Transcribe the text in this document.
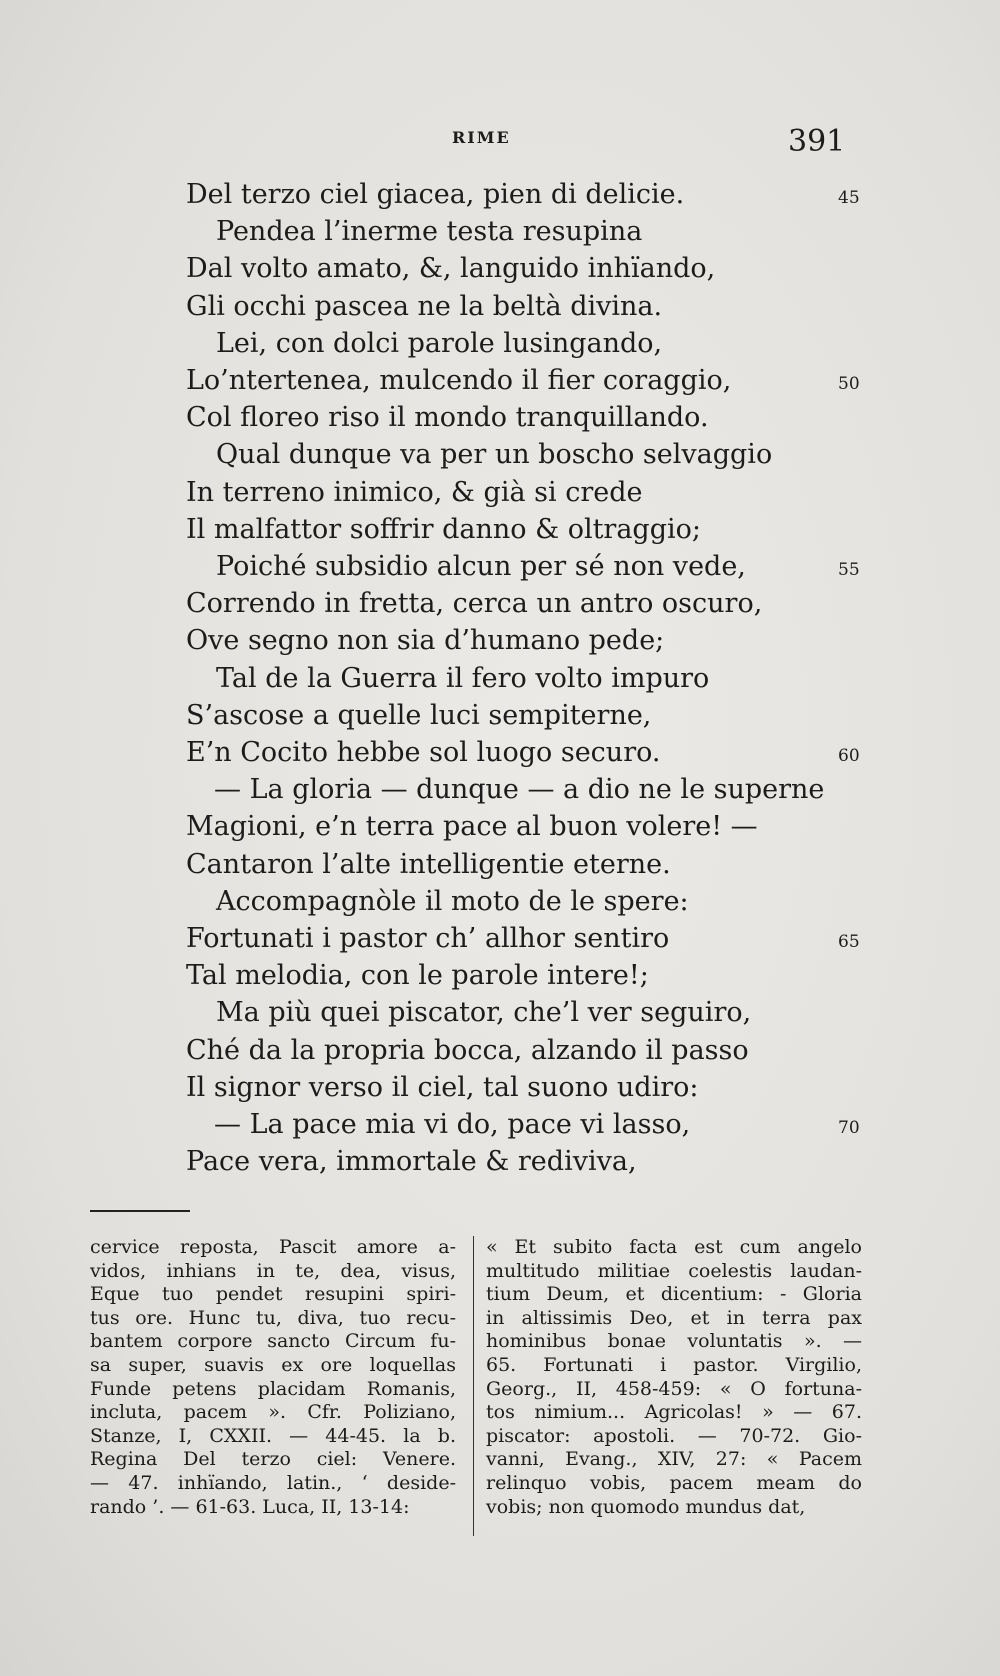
RIME	391
Del terzo ciel giacea, pien di delicie.	45
Pendea l’inerme testa resupina
Dal volto amato, &, languido inhïando,
Gli occhi pascea ne la beltà divina.
Lei, con dolci parole lusingando,
Lo’ntertenea, mulcendo il fier coraggio,	50
Col floreo riso il mondo tranquillando.
Qual dunque va per un boscho selvaggio
In terreno inimico, & già si crede
Il malfattor soffrir danno & oltraggio;
Poiché subsidio alcun per sé non vede,	55
Correndo in fretta, cerca un antro oscuro,
Ove segno non sia d’humano pede;
Tal de la Guerra il fero volto impuro
S’ascose a quelle luci sempiterne,
E’n Cocito hebbe sol luogo securo.	60
— La gloria — dunque — a dio ne le superne
Magioni, e’n terra pace al buon volere! —
Cantaron l’alte intelligentie eterne.
Accompagnòle il moto de le spere:
Fortunati i pastor ch’ allhor sentiro	65
Tal melodia, con le parole intere!;
Ma più quei piscator, che’l ver seguiro,
Ché da la propria bocca, alzando il passo
Il signor verso il ciel, tal suono udiro:
— La pace mia vi do, pace vi lasso,	70
Pace vera, immortale & rediviva,
cervice reposta, Pascit amore a-
vidos, inhians in te, dea, visus,
Eque tuo pendet resupini spiri-
tus ore. Hunc tu, diva, tuo recu-
bantem corpore sancto Circum fu-
sa super, suavis ex ore loquellas
Funde petens placidam Romanis,
incluta, pacem ». Cfr. Poliziano,
Stanze, I, CXXII. — 44-45. la b.
Regina Del terzo ciel: Venere.
— 47. inhïando, latin., ‘ deside-
rando ’. — 61-63. Luca, II, 13-14:
« Et subito facta est cum angelo
multitudo militiae coelestis laudan-
tium Deum, et dicentium: - Gloria
in altissimis Deo, et in terra pax
hominibus bonae voluntatis ». —
65. Fortunati i pastor. Virgilio,
Georg., II, 458-459: « O fortuna-
tos nimium... Agricolas! » — 67.
piscator: apostoli. — 70-72. Gio-
vanni, Evang., XIV, 27: « Pacem
relinquo vobis, pacem meam do
vobis; non quomodo mundus dat,
